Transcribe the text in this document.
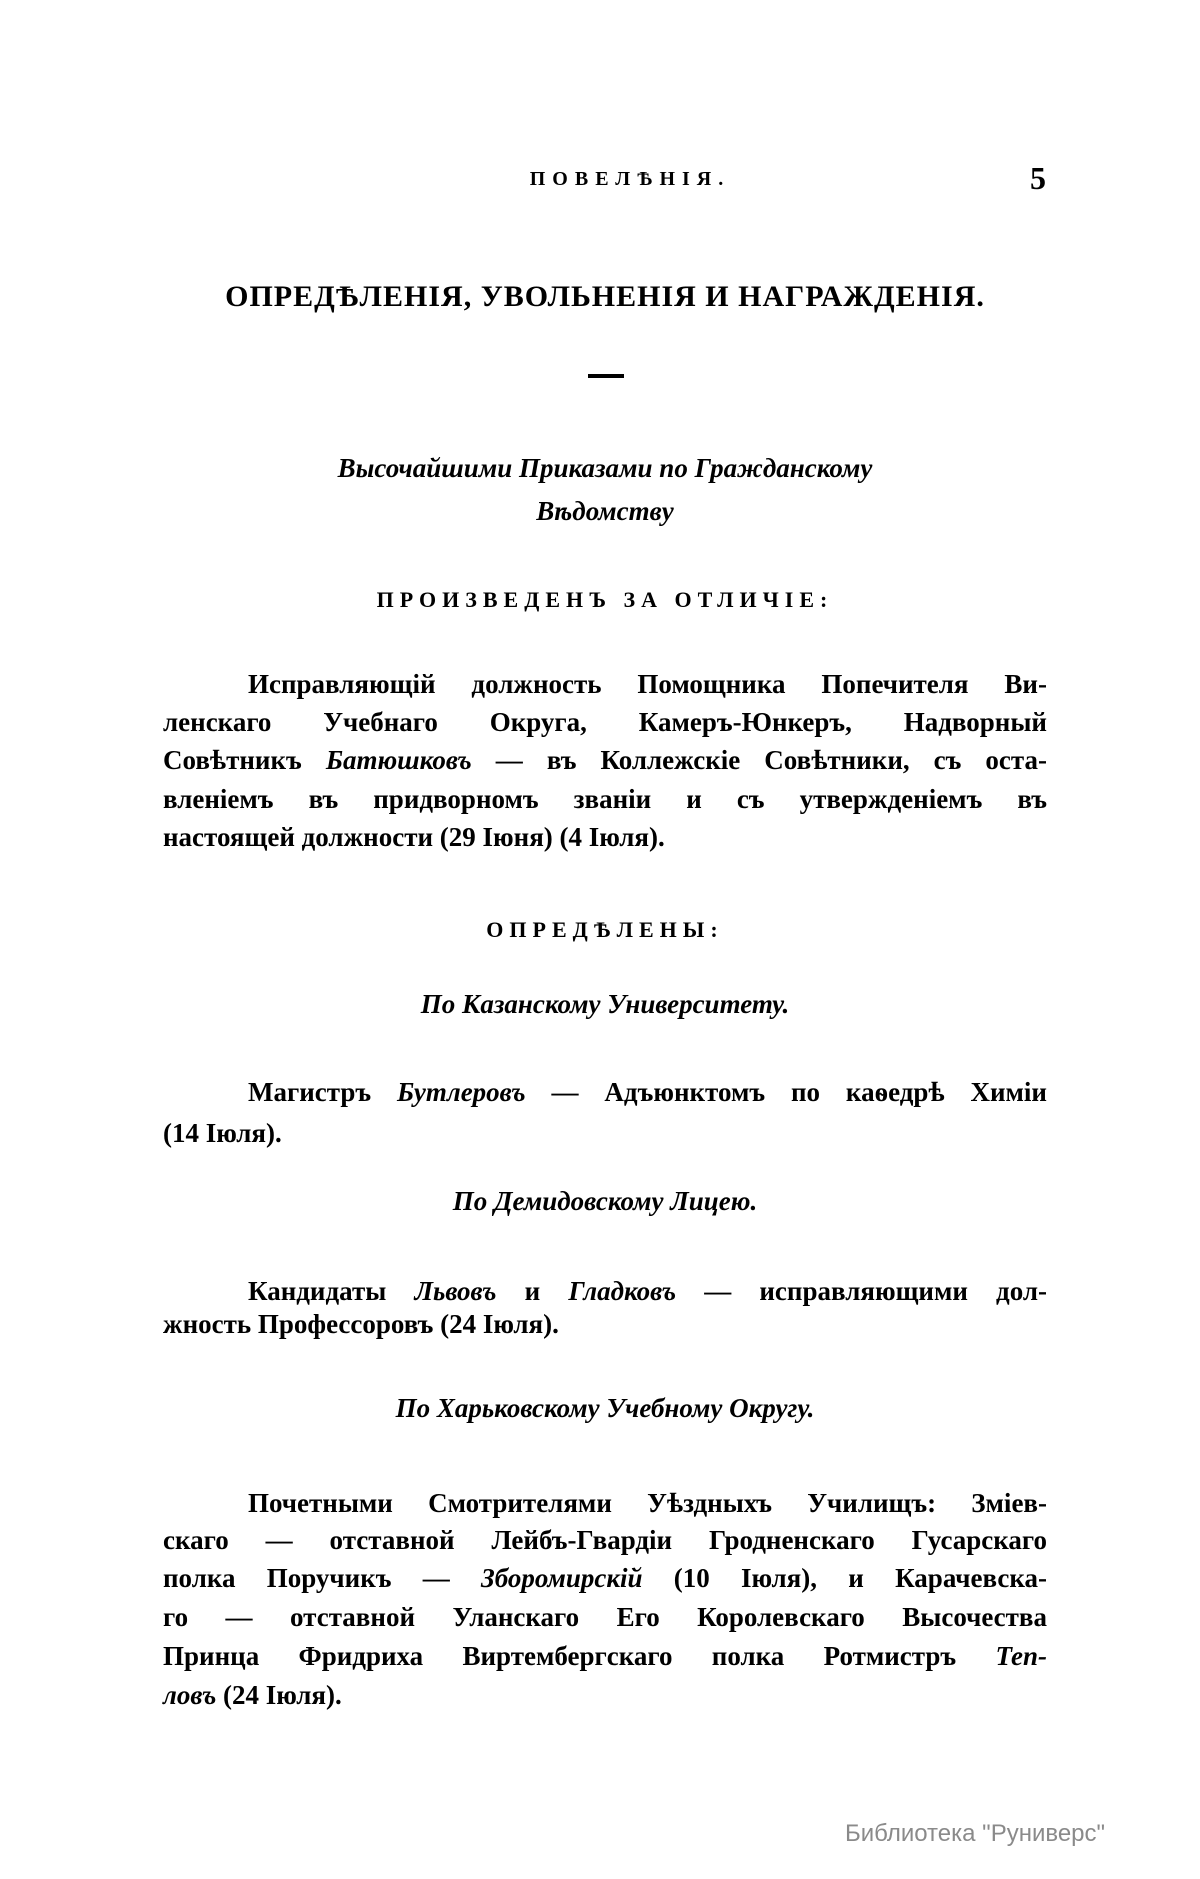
ПОВЕЛѢНІЯ.	5
ОПРЕДѢЛЕНІЯ, УВОЛЬНЕНІЯ И НАГРАЖДЕНІЯ.
Высочайшими Приказами по Гражданскому
Вѣдомству
ПРОИЗВЕДЕНЪ ЗА ОТЛИЧІЕ:
Исправляющій должность Помощника Попечителя Ви-
ленскаго Учебнаго Округа, Камеръ-Юнкеръ, Надворный
Совѣтникъ Батюшковъ — въ Коллежскіе Совѣтники, съ оста-
вленіемъ въ придворномъ званіи и съ утвержденіемъ въ
настоящей должности (29 Іюня) (4 Іюля).
ОПРЕДѢЛЕНЫ:
По Казанскому Университету.
Магистръ Бутлеровъ — Адъюнктомъ по каѳедрѣ Химіи
(14 Іюля).
По Демидовскому Лицею.
Кандидаты Львовъ и Гладковъ — исправляющими дол-
жность Профессоровъ (24 Іюля).
По Харьковскому Учебному Округу.
Почетными Смотрителями Уѣздныхъ Училищъ: Зміев-
скаго — отставной Лейбъ-Гвардіи Гродненскаго Гусарскаго
полка Поручикъ — Зборомирскій (10 Іюля), и Карачевска-
го — отставной Уланскаго Его Королевскаго Высочества
Принца Фридриха Виртембергскаго полка Ротмистръ Теп-
ловъ (24 Іюля).
Библиотека "Руниверс"
